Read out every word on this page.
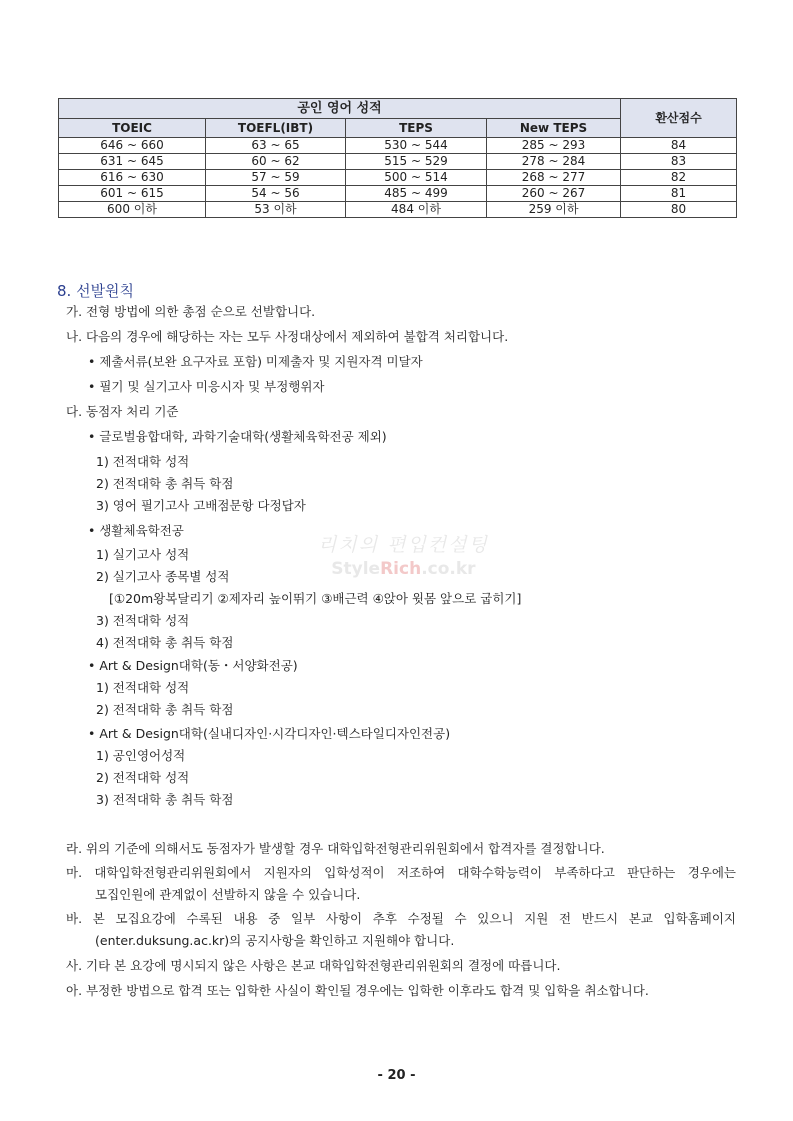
공인 영어 성적				환산점수
TOEIC	TOEFL(IBT)	TEPS	New TEPS	
646 ~ 660	63 ~ 65	530 ~ 544	285 ~ 293	84
631 ~ 645	60 ~ 62	515 ~ 529	278 ~ 284	83
616 ~ 630	57 ~ 59	500 ~ 514	268 ~ 277	82
601 ~ 615	54 ~ 56	485 ~ 499	260 ~ 267	81
600 이하	53 이하	484 이하	259 이하	80
리치의 편입컨설팅
StyleRich.co.kr
8. 선발원칙
가. 전형 방법에 의한 총점 순으로 선발합니다.
나. 다음의 경우에 해당하는 자는 모두 사정대상에서 제외하여 불합격 처리합니다.
• 제출서류(보완 요구자료 포함) 미제출자 및 지원자격 미달자
• 필기 및 실기고사 미응시자 및 부정행위자
다. 동점자 처리 기준
• 글로벌융합대학, 과학기술대학(생활체육학전공 제외)
1) 전적대학 성적
2) 전적대학 총 취득 학점
3) 영어 필기고사 고배점문항 다정답자
• 생활체육학전공
1) 실기고사 성적
2) 실기고사 종목별 성적
[①20m왕복달리기 ②제자리 높이뛰기 ③배근력 ④앉아 윗몸 앞으로 굽히기]
3) 전적대학 성적
4) 전적대학 총 취득 학점
• Art & Design대학(동・서양화전공)
1) 전적대학 성적
2) 전적대학 총 취득 학점
• Art & Design대학(실내디자인·시각디자인·텍스타일디자인전공)
1) 공인영어성적
2) 전적대학 성적
3) 전적대학 총 취득 학점
라. 위의 기준에 의해서도 동점자가 발생할 경우 대학입학전형관리위원회에서 합격자를 결정합니다.
마. 대학입학전형관리위원회에서 지원자의 입학성적이 저조하여 대학수학능력이 부족하다고 판단하는 경우에는
모집인원에 관계없이 선발하지 않을 수 있습니다.
바. 본 모집요강에 수록된 내용 중 일부 사항이 추후 수정될 수 있으니 지원 전 반드시 본교 입학홈페이지
(enter.duksung.ac.kr)의 공지사항을 확인하고 지원해야 합니다.
사. 기타 본 요강에 명시되지 않은 사항은 본교 대학입학전형관리위원회의 결정에 따릅니다.
아. 부정한 방법으로 합격 또는 입학한 사실이 확인될 경우에는 입학한 이후라도 합격 및 입학을 취소합니다.
- 20 -
